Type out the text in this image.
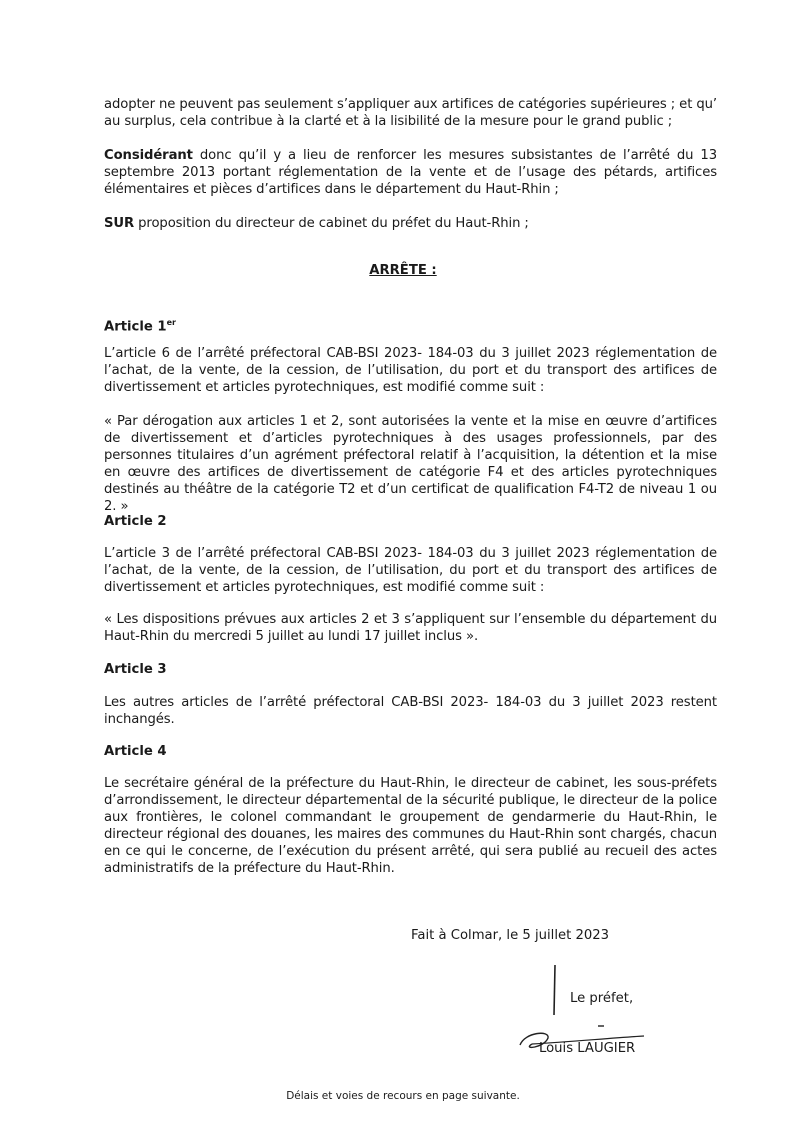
adopter ne peuvent pas seulement s’appliquer aux artifices de catégories supérieures ; et qu’ au surplus, cela contribue à la clarté et à la lisibilité de la mesure pour le grand public ;
Considérant donc qu’il y a lieu de renforcer les mesures subsistantes de l’arrêté du 13 septembre 2013 portant réglementation de la vente et de l’usage des pétards, artifices élémentaires et pièces d’artifices dans le département du Haut-Rhin ;
SUR proposition du directeur de cabinet du préfet du Haut-Rhin ;
ARRÊTE :
Article 1er
L’article 6 de l’arrêté préfectoral CAB-BSI 2023- 184-03 du 3 juillet 2023 réglementation de l’achat, de la vente, de la cession, de l’utilisation, du port et du transport des artifices de divertissement et articles pyrotechniques, est modifié comme suit :
« Par dérogation aux articles 1 et 2, sont autorisées la vente et la mise en œuvre d’artifices de divertissement et d’articles pyrotechniques à des usages professionnels, par des personnes titulaires d’un agrément préfectoral relatif à l’acquisition, la détention et la mise en œuvre des artifices de divertissement de catégorie F4 et des articles pyrotechniques destinés au théâtre de la catégorie T2 et d’un certificat de qualification F4-T2 de niveau 1 ou 2. »
Article 2
L’article 3 de l’arrêté préfectoral CAB-BSI 2023- 184-03 du 3 juillet 2023 réglementation de l’achat, de la vente, de la cession, de l’utilisation, du port et du transport des artifices de divertissement et articles pyrotechniques, est modifié comme suit :
« Les dispositions prévues aux articles 2 et 3 s’appliquent sur l’ensemble du département du Haut-Rhin du mercredi 5 juillet au lundi 17 juillet inclus ».
Article 3
Les autres articles de l’arrêté préfectoral CAB-BSI 2023- 184-03 du 3 juillet 2023 restent inchangés.
Article 4
Le secrétaire général de la préfecture du Haut-Rhin, le directeur de cabinet, les sous-préfets d’arrondissement, le directeur départemental de la sécurité publique, le directeur de la police aux frontières, le colonel commandant le groupement de gendarmerie du Haut-Rhin, le directeur régional des douanes, les maires des communes du Haut-Rhin sont chargés, chacun en ce qui le concerne, de l’exécution du présent arrêté, qui sera publié au recueil des actes administratifs de la préfecture du Haut-Rhin.
Fait à Colmar, le 5 juillet 2023
Le préfet,
Louis LAUGIER
Délais et voies de recours en page suivante.
